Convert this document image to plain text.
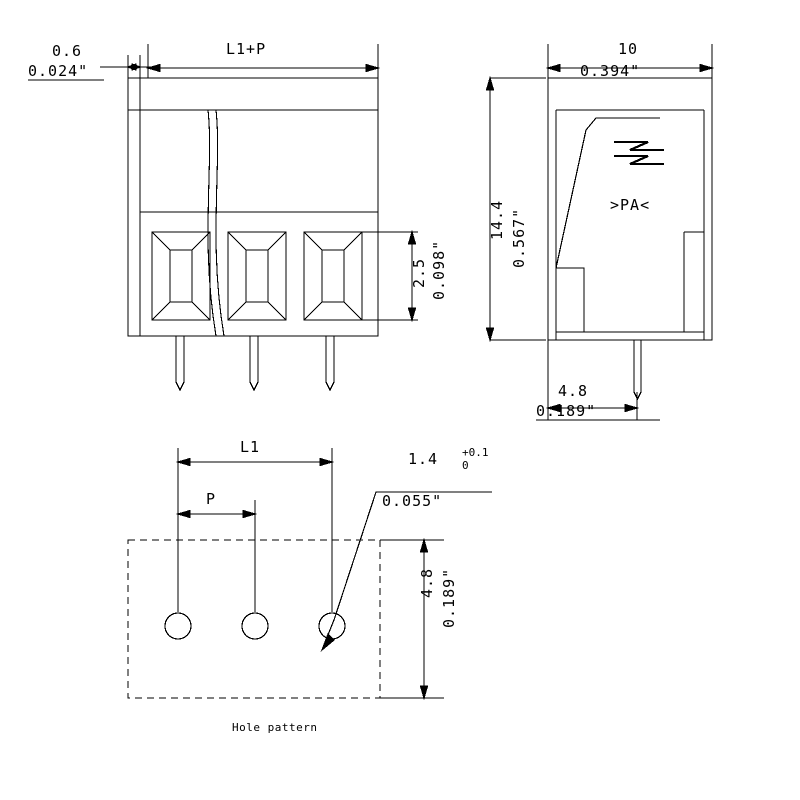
0.6
0.024"
L1+P
2.5 0.098"
14.4 0.567"
10
0.394"
>PA<
4.8
0.189"
L1
P
1.4 +0.1
0
0.055"
4.8 0.189"
Hole pattern
